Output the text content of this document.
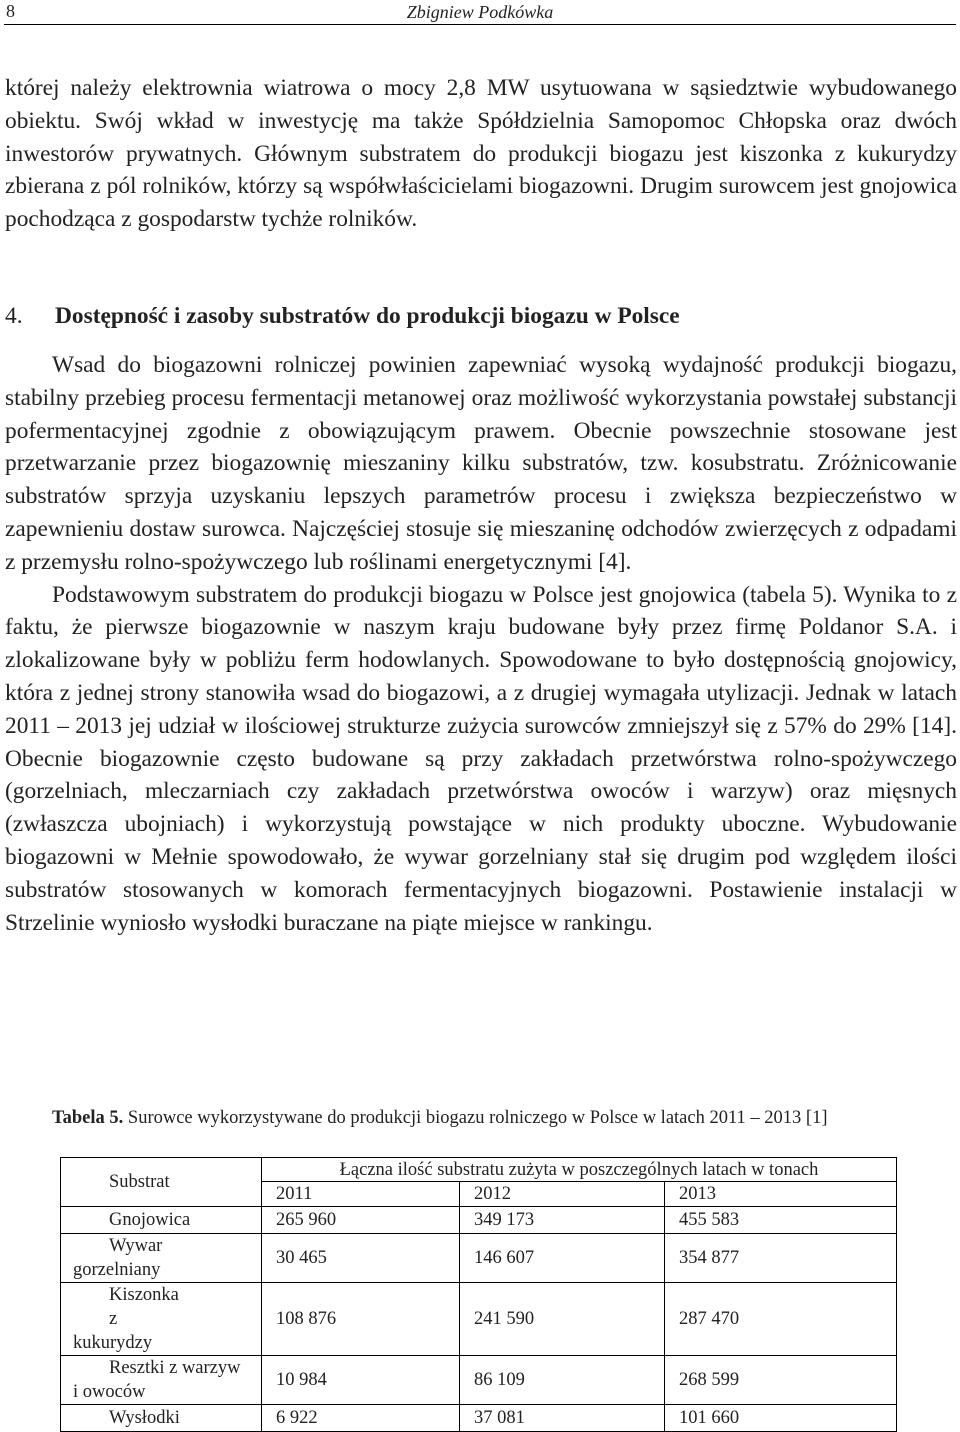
8	Zbigniew Podkówka

której należy elektrownia wiatrowa o mocy 2,8 MW usytuowana w sąsiedztwie wybudowanego obiektu. Swój wkład w inwestycję ma także Spółdzielnia Samopomoc Chłopska oraz dwóch inwestorów prywatnych. Głównym substratem do produkcji biogazu jest kiszonka z kukurydzy zbierana z pól rolników, którzy są współwłaścicielami biogazowni. Drugim surowcem jest gnojowica pochodząca z gospodarstw tychże rolników.

4. Dostępność i zasoby substratów do produkcji biogazu w Polsce

Wsad do biogazowni rolniczej powinien zapewniać wysoką wydajność produkcji biogazu, stabilny przebieg procesu fermentacji metanowej oraz możliwość wykorzystania powstałej substancji pofermentacyjnej zgodnie z obowiązującym prawem. Obecnie powszechnie stosowane jest przetwarzanie przez biogazownię mieszaniny kilku substratów, tzw. kosubstratu. Zróżnicowanie substratów sprzyja uzyskaniu lepszych parametrów procesu i zwiększa bezpieczeństwo w zapewnieniu dostaw surowca. Najczęściej stosuje się mieszaninę odchodów zwierzęcych z odpadami z przemysłu rolno-spożywczego lub roślinami energetycznymi [4].

Podstawowym substratem do produkcji biogazu w Polsce jest gnojowica (tabela 5). Wynika to z faktu, że pierwsze biogazownie w naszym kraju budowane były przez firmę Poldanor S.A. i zlokalizowane były w pobliżu ferm hodowlanych. Spowodowane to było dostępnością gnojowicy, która z jednej strony stanowiła wsad do biogazowi, a z drugiej wymagała utylizacji. Jednak w latach 2011 – 2013 jej udział w ilościowej strukturze zużycia surowców zmniejszył się z 57% do 29% [14]. Obecnie biogazownie często budowane są przy zakładach przetwórstwa rolno-spożywczego (gorzelniach, mleczarniach czy zakładach przetwórstwa owoców i warzyw) oraz mięsnych (zwłaszcza ubojniach) i wykorzystują powstające w nich produkty uboczne. Wybudowanie biogazowni w Mełnie spowodowało, że wywar gorzelniany stał się drugim pod względem ilości substratów stosowanych w komorach fermentacyjnych biogazowni. Postawienie instalacji w Strzelinie wyniosło wysłodki buraczane na piąte miejsce w rankingu.

Tabela 5. Surowce wykorzystywane do produkcji biogazu rolniczego w Polsce w latach 2011 – 2013 [1]
Substrat	Łączna ilość substratu zużyta w poszczególnych latach w tonach		
	2011	2012	2013
Gnojowica	265 960	349 173	455 583

Wywar
gorzelniany	30 465	146 607	354 877

Kiszonka z
kukurydzy	108 876	241 590	287 470

Resztki z warzyw
i owoców	10 984	86 109	268 599
Wysłodki	6 922	37 081	101 660
